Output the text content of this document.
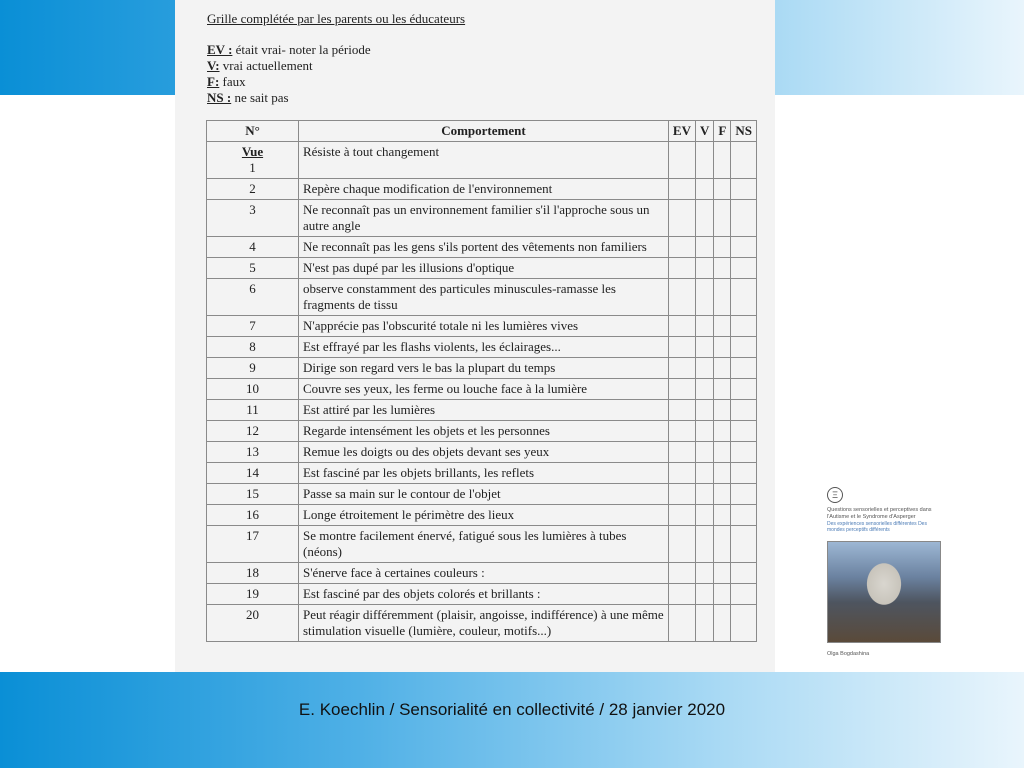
Grille complétée par les parents ou les éducateurs
EV : était vrai- noter la période
V: vrai actuellement
F: faux
NS : ne sait pas
N°	Comportement	EV	V	F	NS

Vue
1	Résiste à tout changement				
2	Repère chaque modification de l'environnement				
3	Ne reconnaît pas un environnement familier s'il l'approche sous un autre angle				
4	Ne reconnaît pas les gens s'ils portent des vêtements non familiers				
5	N'est pas dupé par les illusions d'optique				
6	observe constamment des particules minuscules-ramasse les fragments de tissu				
7	N'apprécie pas l'obscurité totale ni les lumières vives				
8	Est effrayé par les flashs violents, les éclairages...				
9	Dirige son regard vers le bas la plupart du temps				
10	Couvre ses yeux, les ferme ou louche face à la lumière				
11	Est attiré par les lumières				
12	Regarde intensément les objets et les personnes				
13	Remue les doigts ou des objets devant ses yeux				
14	Est fasciné par les objets brillants, les reflets				
15	Passe sa main sur le contour de l'objet				
16	Longe étroitement le périmètre des lieux				
17	Se montre facilement énervé, fatigué sous les lumières à tubes (néons)				
18	S'énerve face à certaines couleurs :				
19	Est fasciné par des objets colorés et brillants :				
20	Peut réagir différemment (plaisir, angoisse, indifférence) à une même stimulation visuelle (lumière, couleur, motifs...)				
Ξ
Questions sensorielles et perceptives dans l'Autisme et le Syndrome d'Asperger
Des expériences sensorielles différentes Des mondes perceptifs différents
Olga Bogdashina
E. Koechlin / Sensorialité en collectivité / 28 janvier 2020
